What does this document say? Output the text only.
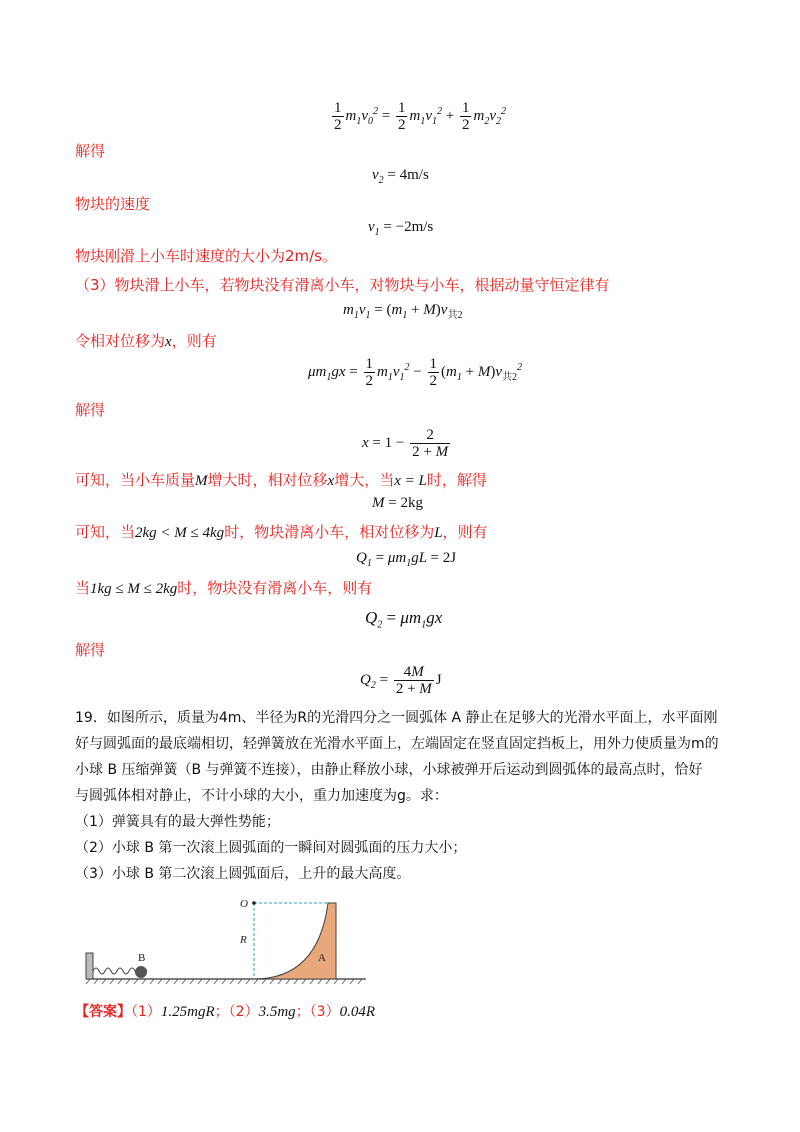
$\frac{1}{2} m_1v_0^2 = \frac{1}{2} m_1v_1^2 + \frac{1}{2} m_2v_2^2$
解得
$v_2 = 4m/s$
物块的速度
$v_1 = -2m/s$
物块刚滑上小车时速度的大小为2m/s。
（3）物块滑上小车，若物块没有滑离小车，对物块与小车，根据动量守恒定律有
$m_1v_1 = (m_1 + M)v_{共2}$
令相对位移为x，则有
$\mu m_1gx = \frac{1}{2} m_1v_1^2 - \frac{1}{2} (m_1 + M)v_{共2}^2$
解得
$x = 1 - \frac{2}{2 + M}$
可知，当小车质量M增大时，相对位移x增大，当x = L时，解得
M = 2kg
可知，当2kg < M ≤ 4kg时，物块滑离小车，相对位移为L，则有
$Q_1 = \mu m_1gL = 2J$
当1kg ≤ M ≤ 2kg时，物块没有滑离小车，则有
$Q_2 = \mu m_1gx$
解得
$Q_2 = \frac{4M}{2 + M}$ J
19．如图所示，质量为4m、半径为R的光滑四分之一圆弧体 A 静止在足够大的光滑水平面上，水平面刚
好与圆弧面的最底端相切，轻弹簧放在光滑水平面上，左端固定在竖直固定挡板上，用外力使质量为m的
小球 B 压缩弹簧（B 与弹簧不连接），由静止释放小球，小球被弹开后运动到圆弧体的最高点时，恰好
与圆弧体相对静止，不计小球的大小，重力加速度为g。求：
（1）弹簧具有的最大弹性势能；
（2）小球 B 第一次滚上圆弧面的一瞬间对圆弧面的压力大小；
（3）小球 B 第二次滚上圆弧面后，上升的最大高度。
B	A
O
R
【答案】（1）1.25mgR；（2）3.5mg；（3）0.04R
